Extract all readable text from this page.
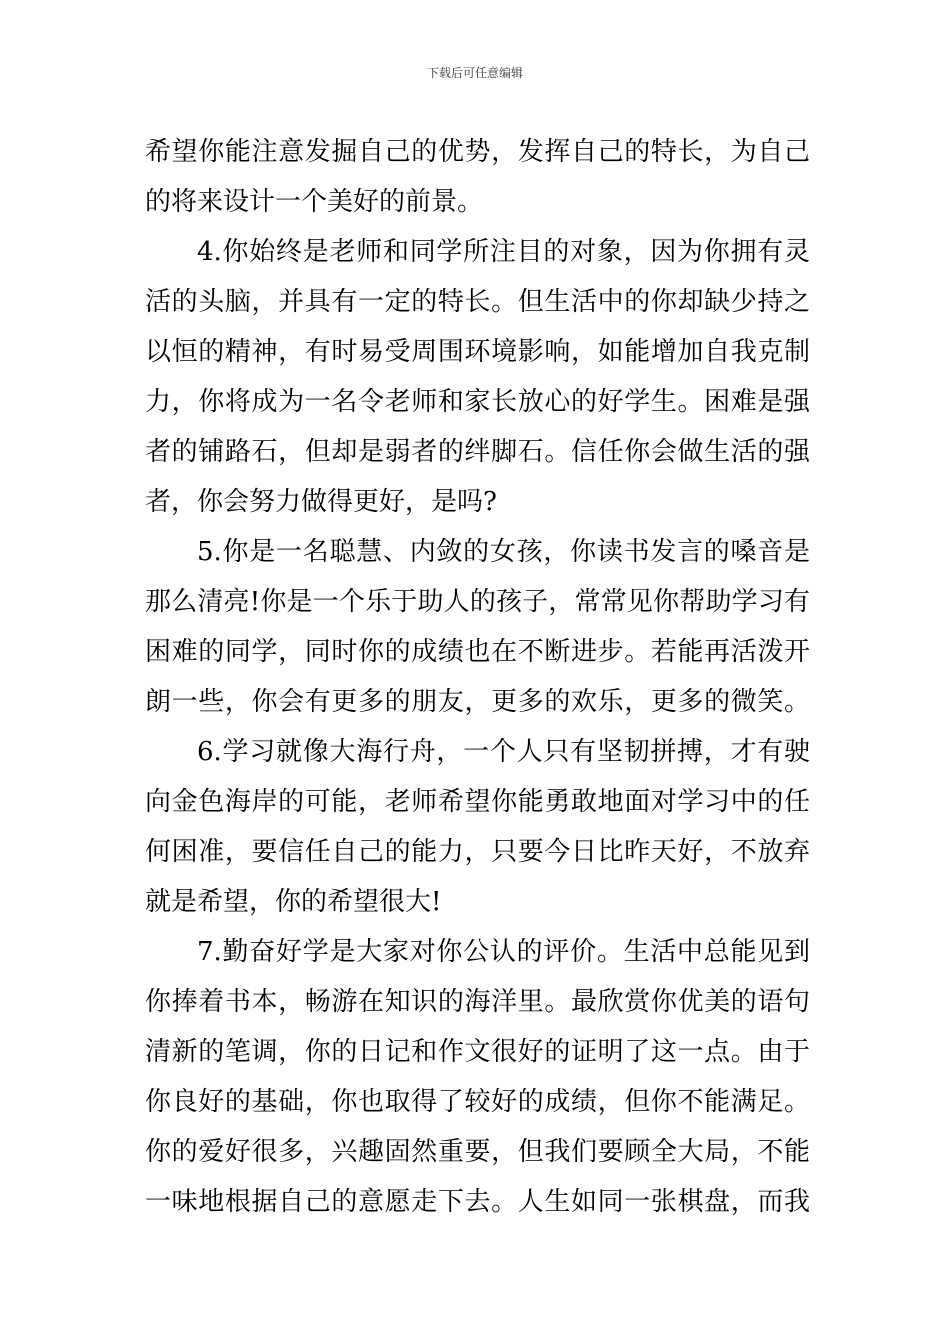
下载后可任意编辑
希望你能注意发掘自己的优势，发挥自己的特长，为自己
的将来设计一个美好的前景。
4.你始终是老师和同学所注目的对象，因为你拥有灵
活的头脑，并具有一定的特长。但生活中的你却缺少持之
以恒的精神，有时易受周围环境影响，如能增加自我克制
力，你将成为一名令老师和家长放心的好学生。困难是强
者的铺路石，但却是弱者的绊脚石。信任你会做生活的强
者，你会努力做得更好，是吗?
5.你是一名聪慧、内敛的女孩，你读书发言的嗓音是
那么清亮!你是一个乐于助人的孩子，常常见你帮助学习有
困难的同学，同时你的成绩也在不断进步。若能再活泼开
朗一些，你会有更多的朋友，更多的欢乐，更多的微笑。
6.学习就像大海行舟，一个人只有坚韧拼搏，才有驶
向金色海岸的可能，老师希望你能勇敢地面对学习中的任
何困准，要信任自己的能力，只要今日比昨天好，不放弃
就是希望，你的希望很大!
7.勤奋好学是大家对你公认的评价。生活中总能见到
你捧着书本，畅游在知识的海洋里。最欣赏你优美的语句
清新的笔调，你的日记和作文很好的证明了这一点。由于
你良好的基础，你也取得了较好的成绩，但你不能满足。
你的爱好很多，兴趣固然重要，但我们要顾全大局，不能
一味地根据自己的意愿走下去。人生如同一张棋盘，而我
